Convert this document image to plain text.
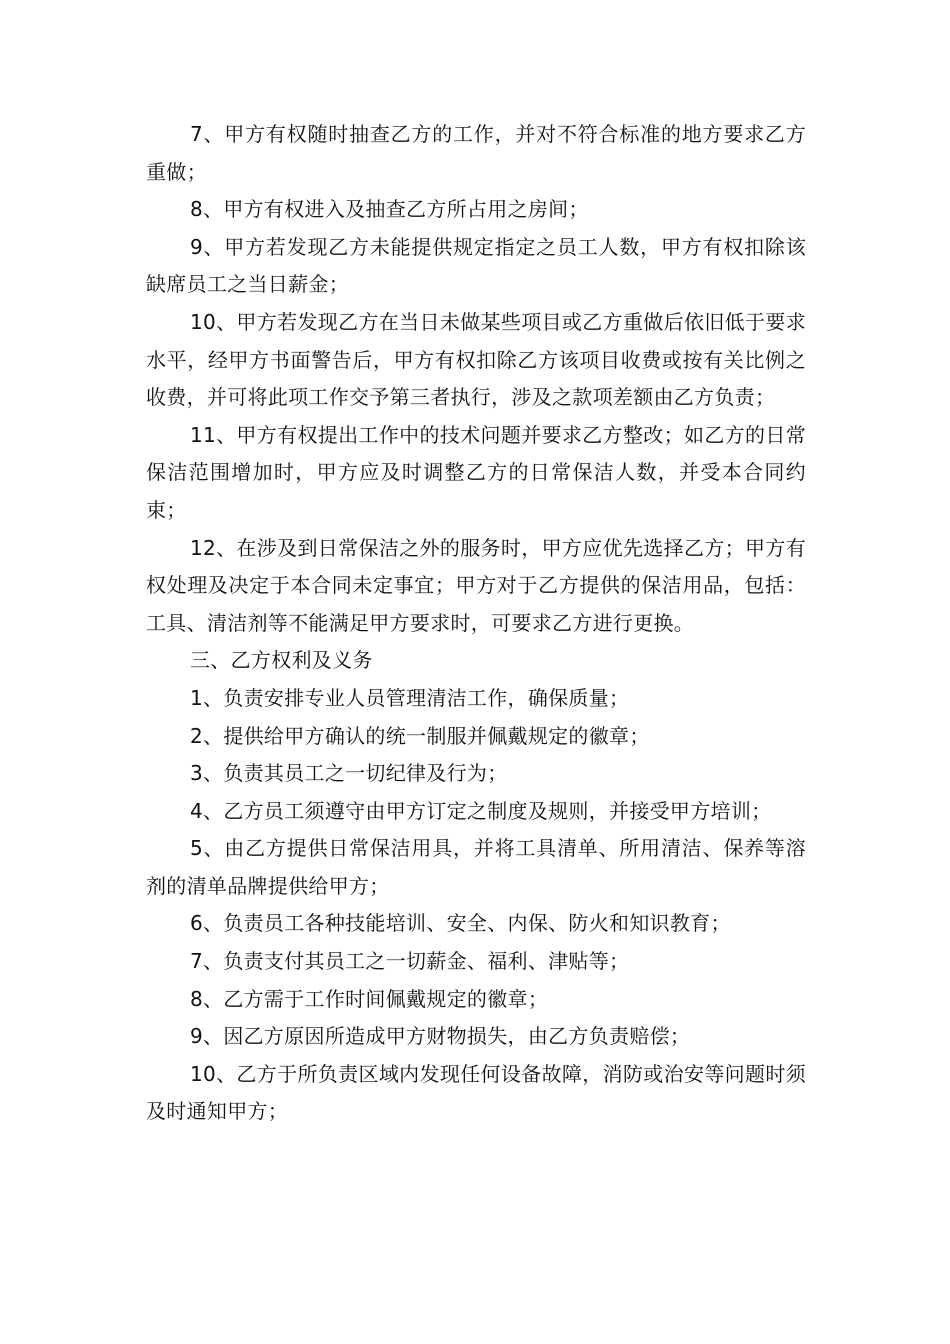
7、甲方有权随时抽查乙方的工作，并对不符合标准的地方要求乙方重做；

8、甲方有权进入及抽查乙方所占用之房间；

9、甲方若发现乙方未能提供规定指定之员工人数，甲方有权扣除该缺席员工之当日薪金；

10、甲方若发现乙方在当日未做某些项目或乙方重做后依旧低于要求水平，经甲方书面警告后，甲方有权扣除乙方该项目收费或按有关比例之收费，并可将此项工作交予第三者执行，涉及之款项差额由乙方负责；

11、甲方有权提出工作中的技术问题并要求乙方整改；如乙方的日常保洁范围增加时，甲方应及时调整乙方的日常保洁人数，并受本合同约束；

12、在涉及到日常保洁之外的服务时，甲方应优先选择乙方；甲方有权处理及决定于本合同未定事宜；甲方对于乙方提供的保洁用品，包括：工具、清洁剂等不能满足甲方要求时，可要求乙方进行更换。

三、乙方权利及义务

1、负责安排专业人员管理清洁工作，确保质量；

2、提供给甲方确认的统一制服并佩戴规定的徽章；

3、负责其员工之一切纪律及行为；

4、乙方员工须遵守由甲方订定之制度及规则，并接受甲方培训；

5、由乙方提供日常保洁用具，并将工具清单、所用清洁、保养等溶剂的清单品牌提供给甲方；

6、负责员工各种技能培训、安全、内保、防火和知识教育；

7、负责支付其员工之一切薪金、福利、津贴等；

8、乙方需于工作时间佩戴规定的徽章；

9、因乙方原因所造成甲方财物损失，由乙方负责赔偿；

10、乙方于所负责区域内发现任何设备故障，消防或治安等问题时须及时通知甲方；
